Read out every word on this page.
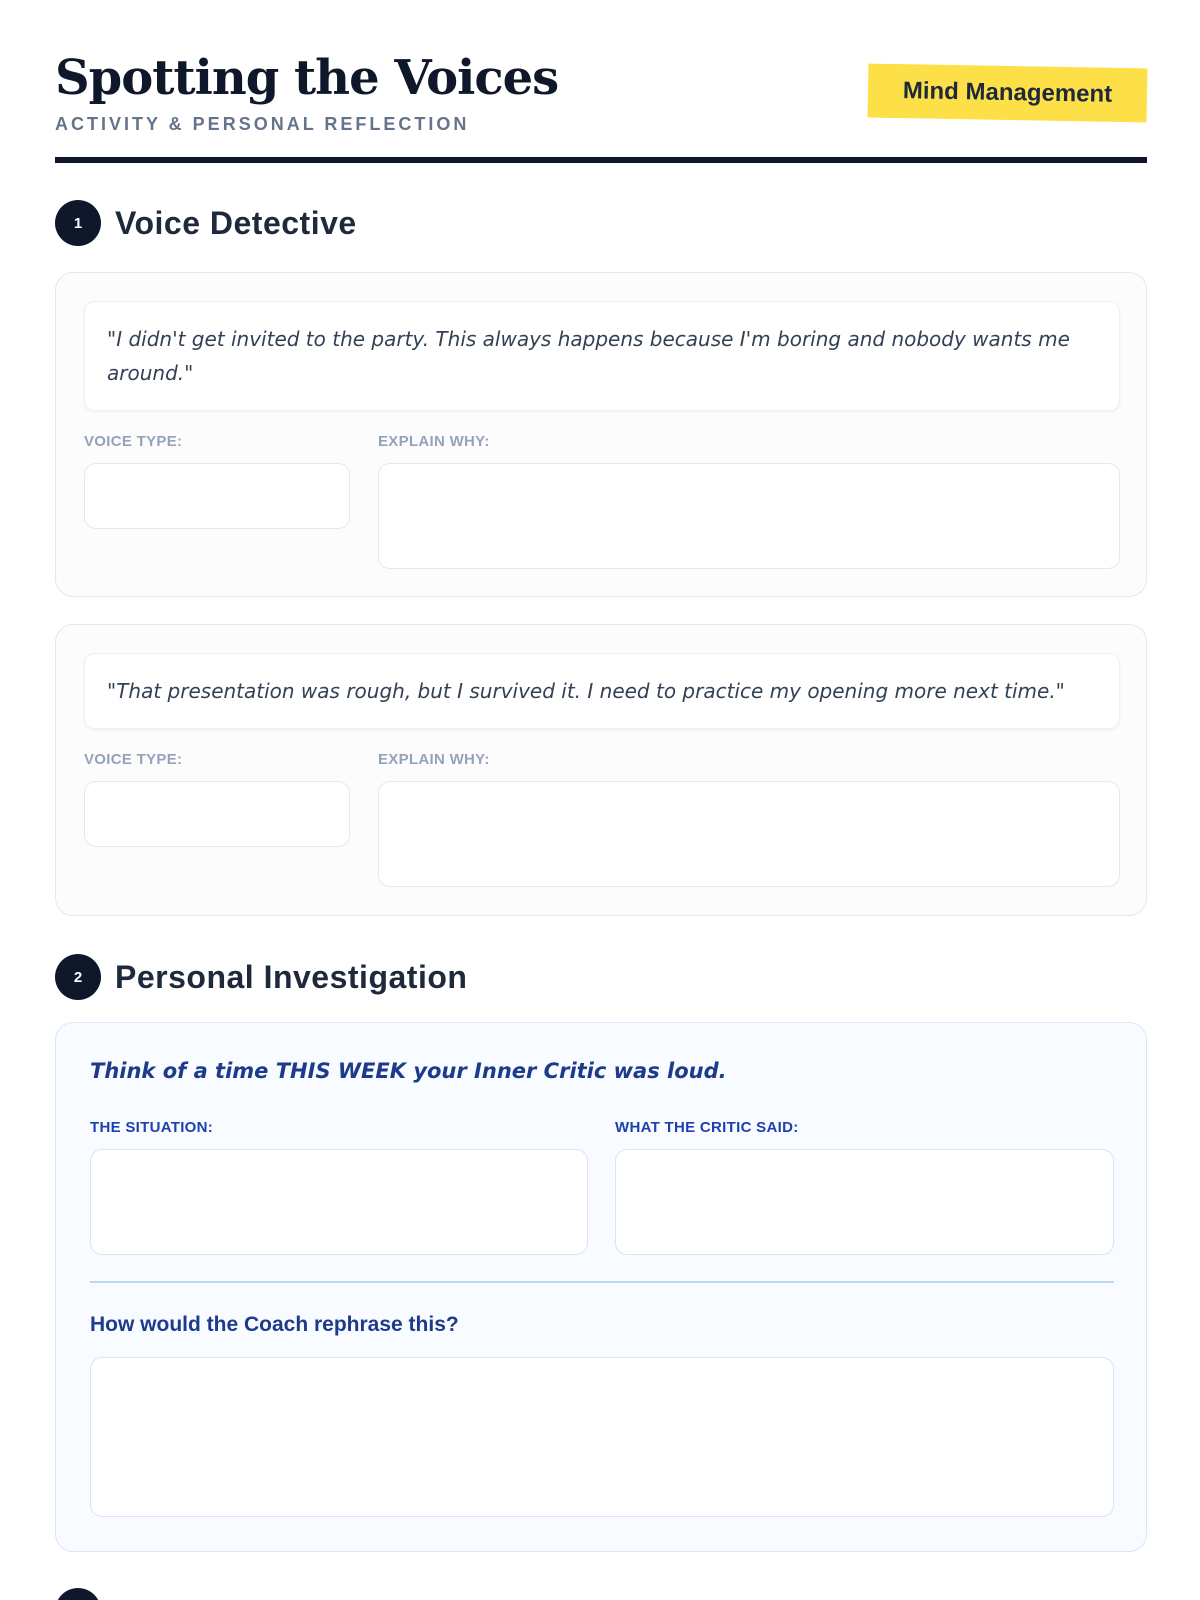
Spotting the Voices
ACTIVITY & PERSONAL REFLECTION
Mind Management
1	Voice Detective
"I didn't get invited to the party. This always happens because I'm boring and nobody wants me around."
VOICE TYPE:	EXPLAIN WHY:
"That presentation was rough, but I survived it. I need to practice my opening more next time."
VOICE TYPE:	EXPLAIN WHY:
2	Personal Investigation
Think of a time THIS WEEK your Inner Critic was loud.
THE SITUATION:	WHAT THE CRITIC SAID:
How would the Coach rephrase this?
